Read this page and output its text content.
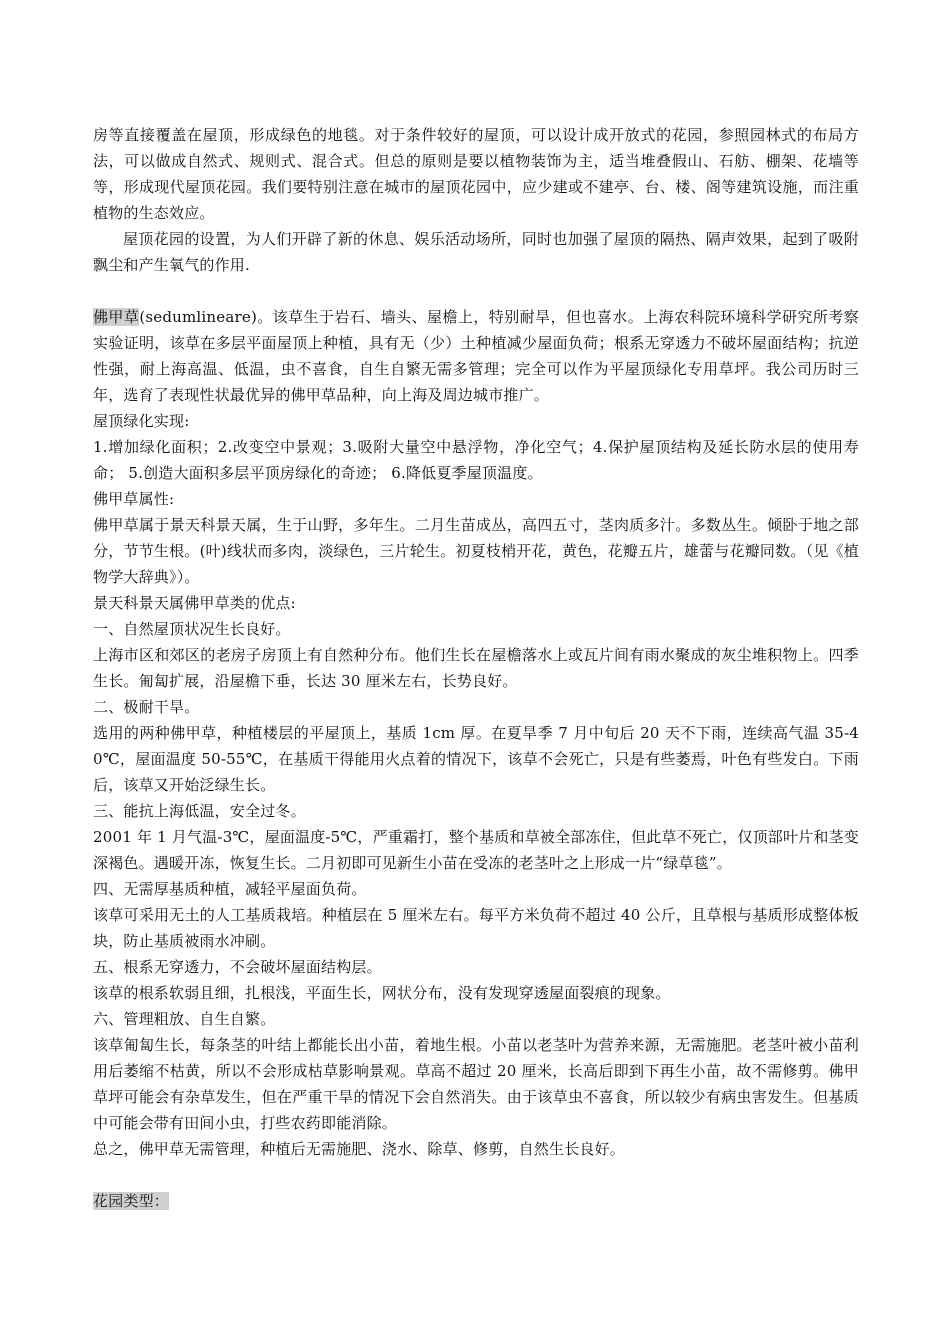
房等直接覆盖在屋顶，形成绿色的地毯。对于条件较好的屋顶，可以设计成开放式的花园，参照园林式的布局方法，可以做成自然式、规则式、混合式。但总的原则是要以植物装饰为主，适当堆叠假山、石舫、棚架、花墙等等，形成现代屋顶花园。我们要特别注意在城市的屋顶花园中，应少建或不建亭、台、楼、阁等建筑设施，而注重植物的生态效应。

屋顶花园的设置，为人们开辟了新的休息、娱乐活动场所，同时也加强了屋顶的隔热、隔声效果，起到了吸附飘尘和产生氧气的作用.

佛甲草(sedumlineare)。该草生于岩石、墙头、屋檐上，特别耐旱，但也喜水。上海农科院环境科学研究所考察实验证明，该草在多层平面屋顶上种植，具有无（少）土种植减少屋面负荷；根系无穿透力不破坏屋面结构；抗逆性强，耐上海高温、低温，虫不喜食，自生自繁无需多管理；完全可以作为平屋顶绿化专用草坪。我公司历时三年，选育了表现性状最优异的佛甲草品种，向上海及周边城市推广。

屋顶绿化实现:

1.增加绿化面积；2.改变空中景观；3.吸附大量空中悬浮物，净化空气；4.保护屋顶结构及延长防水层的使用寿命； 5.创造大面积多层平顶房绿化的奇迹； 6.降低夏季屋顶温度。

佛甲草属性:

佛甲草属于景天科景天属，生于山野，多年生。二月生苗成丛，高四五寸，茎肉质多汁。多数丛生。倾卧于地之部分，节节生根。(叶)线状而多肉，淡绿色，三片轮生。初夏枝梢开花，黄色，花瓣五片，雄蕾与花瓣同数。（见《植物学大辞典》）。

景天科景天属佛甲草类的优点:

一、自然屋顶状况生长良好。

上海市区和郊区的老房子房顶上有自然种分布。他们生长在屋檐落水上或瓦片间有雨水聚成的灰尘堆积物上。四季生长。匍匐扩展，沿屋檐下垂，长达 30 厘米左右，长势良好。

二、极耐干旱。

选用的两种佛甲草，种植楼层的平屋顶上，基质 1cm 厚。在夏旱季 7 月中旬后 20 天不下雨，连续高气温 35-40℃，屋面温度 50-55℃，在基质干得能用火点着的情况下，该草不会死亡，只是有些萎焉，叶色有些发白。下雨后，该草又开始泛绿生长。

三、能抗上海低温，安全过冬。

2001 年 1 月气温-3℃，屋面温度-5℃，严重霜打，整个基质和草被全部冻住，但此草不死亡，仅顶部叶片和茎变深褐色。遇暖开冻，恢复生长。二月初即可见新生小苗在受冻的老茎叶之上形成一片“绿草毯”。

四、无需厚基质种植，减轻平屋面负荷。

该草可采用无土的人工基质栽培。种植层在 5 厘米左右。每平方米负荷不超过 40 公斤，且草根与基质形成整体板块，防止基质被雨水冲刷。

五、根系无穿透力，不会破坏屋面结构层。

该草的根系软弱且细，扎根浅，平面生长，网状分布，没有发现穿透屋面裂痕的现象。

六、管理粗放、自生自繁。

该草匍匐生长，每条茎的叶结上都能长出小苗，着地生根。小苗以老茎叶为营养来源，无需施肥。老茎叶被小苗利用后萎缩不枯黄，所以不会形成枯草影响景观。草高不超过 20 厘米，长高后即到下再生小苗，故不需修剪。佛甲草坪可能会有杂草发生，但在严重干旱的情况下会自然消失。由于该草虫不喜食，所以较少有病虫害发生。但基质中可能会带有田间小虫，打些农药即能消除。

总之，佛甲草无需管理，种植后无需施肥、浇水、除草、修剪，自然生长良好。

花园类型：
